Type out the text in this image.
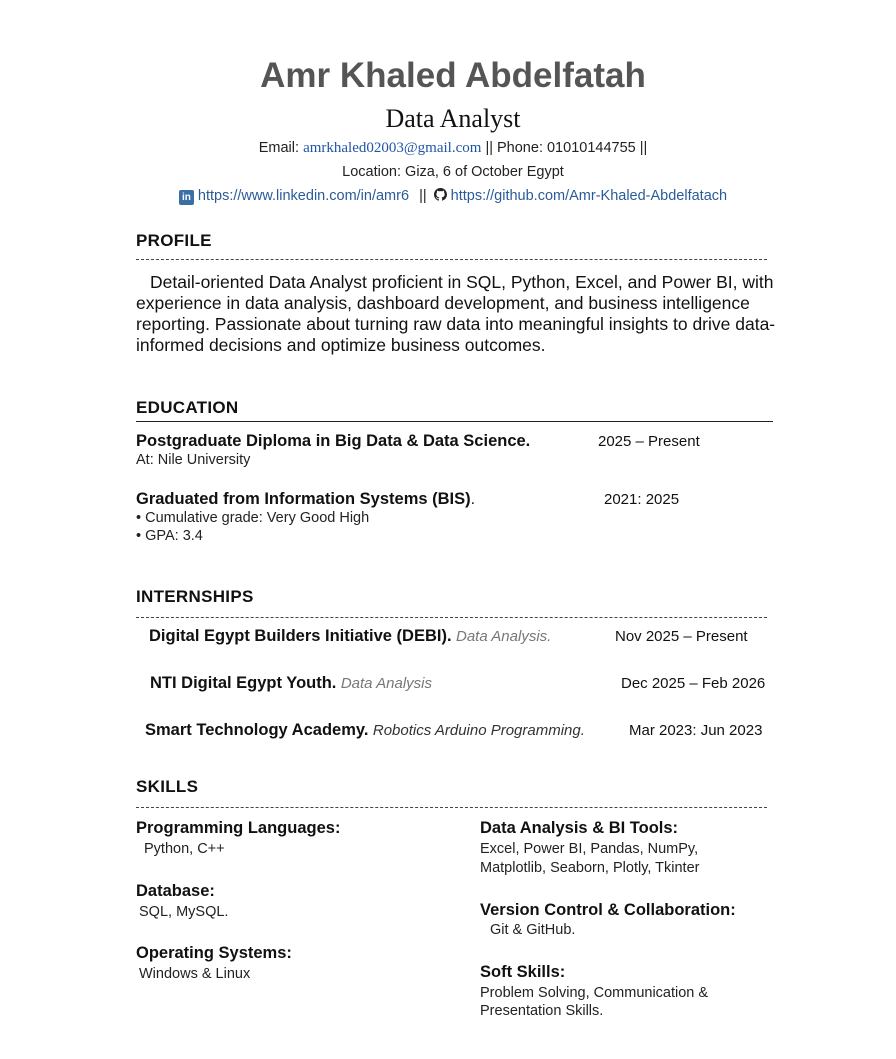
Amr Khaled Abdelfatah
Data Analyst
Email: amrkhaled02003@gmail.com || Phone: 01010144755 ||
Location: Giza, 6 of October Egypt
in https://www.linkedin.com/in/amr6 || https://github.com/Amr-Khaled-Abdelfatach
PROFILE
Detail-oriented Data Analyst proficient in SQL, Python, Excel, and Power BI, with experience in data analysis, dashboard development, and business intelligence reporting. Passionate about turning raw data into meaningful insights to drive data-informed decisions and optimize business outcomes.
EDUCATION
Postgraduate Diploma in Big Data & Data Science.	2025 – Present
At: Nile University
Graduated from Information Systems (BIS).	2021: 2025
• Cumulative grade: Very Good High
• GPA: 3.4
INTERNSHIPS
Digital Egypt Builders Initiative (DEBI). Data Analysis.	Nov 2025 – Present
NTI Digital Egypt Youth. Data Analysis	Dec 2025 – Feb 2026
Smart Technology Academy. Robotics Arduino Programming.	Mar 2023: Jun 2023
SKILLS
Programming Languages:
Python, C++
Database:
SQL, MySQL.
Operating Systems:
Windows & Linux
Data Analysis & BI Tools:
Excel, Power BI, Pandas, NumPy,
Matplotlib, Seaborn, Plotly, Tkinter
Version Control & Collaboration:
Git & GitHub.
Soft Skills:
Problem Solving, Communication &
Presentation Skills.
